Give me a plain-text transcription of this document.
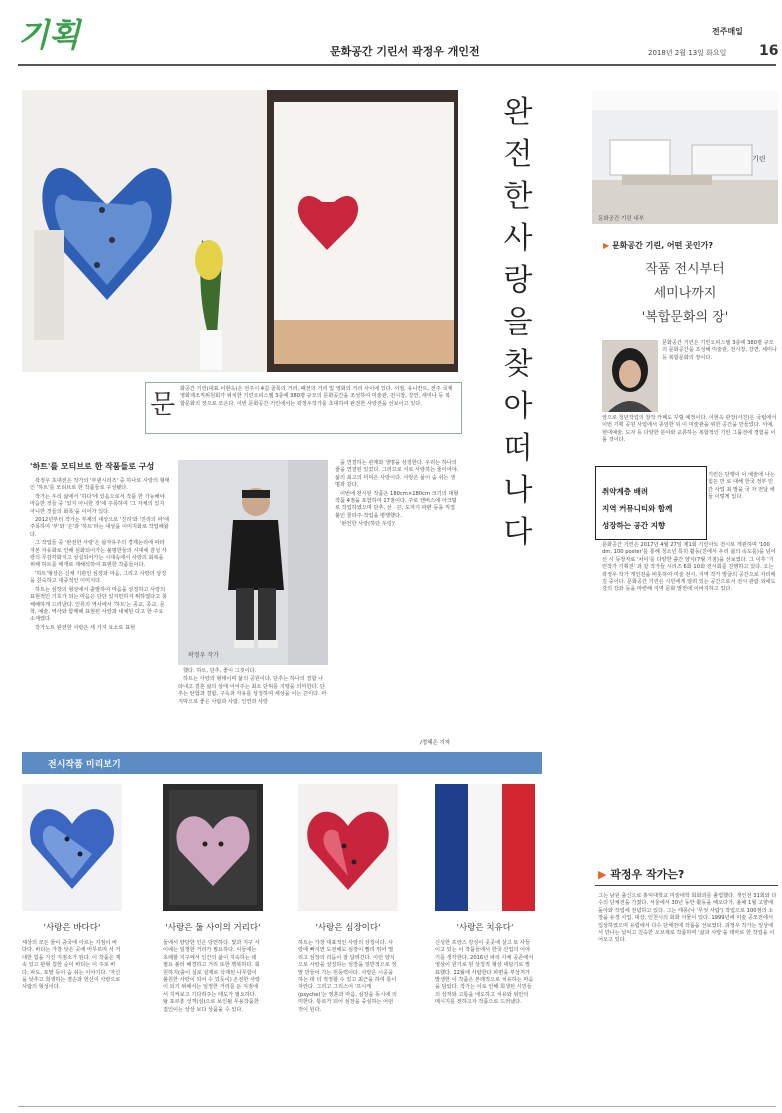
기획	문화공간 기린서 곽정우 개인전
전주매일
2018년 2월 13일 화요일 16
완전한 사랑을 찾아 떠나다
문
화공간 기린(대표 이현옥)은 전주시 4길 골목의 거리, 패션의 거리 및 영화의 거리 사이에 있다. 서점, 유니칸트, 전주 국제영화제조직위원회가 위치한 기린오피스텔 3층에 380평 규모의 문화공간을 조성하여 미술관, 전시장, 강연, 세미나 등 복합문화의 장으로 모은다. 이번 문화공간 기린에서는 곽정우작가를 초대하여 완전한 사랑전을 선보이고 있다.
'하트'를 모티브로 한 작품들로 구성

곽정우 초대전은 작가의 '부댄시리즈' 중 하나로 사랑의 형태인 '하트'를 모티브로 한 작품들로 구성됐다.

작가는 우리 삶에서 '하다'에 있음으로서 작품 한 가능해야 마음한 것들 중 '있지 아니한 것'에 주목하여 '그 자체의 있지 아니한 것들의 화폭'을 이어가 있다.

2012년부터 작가는 부재의 대상으로 '진리'와 '진리의 파'에 주목하여 '부'와 '은'과 '하트'라는 대상을 이미지화로 작업해왔다.

그 작업들 중 '완전한 사랑'은 삶자유주의 경제논리에 따라 자본 자유화로 인해 심화되어가는 불평한들의 시대에 감성 사랑의 무감각화지고 상실되어가는 시대속에서 사랑의 회복을 위해 하트를 매개로 재해석하여 표현한 작품들이다.

'하트'형상은 신체 기관인 심장과 마음, 그리고 사랑의 상징을 친숙하고 대중적인 이미지다.

하트는 심장의 형상에서 출발하여 마음을 상징하고 사랑의 표현적인 기호가 되는 마음은 단단 있지만하지 튀하였다고 침해해하게 드러낸다. 인류의 역사에서 '하트'는 종교, 종교, 문학, 예술, 역사와 함께해 표현된 사랑과 대체된 다고 한 주요 소재였다.

작가노트 완전한 사랑은 세 가지 요소로 표현

곽정우 작가

했다. 하트, 단추, 좋이 그것이다.

하트는 사랑의 형태이며 삶의 공원이다. 단추는 하나의 결합 나타내고 결혼 삶의 상태 이어주는 최소 단위를 지탱을 의미한다. 단추는 탄험과 결합, 구속과 자유를 상징하며 세상을 이는 끈이다. 마지막으로 좋은 사람과 사람, 인연과 사랑

을 연결하는 관계와 생명을 상징한다. 우리는 하나의 줄을 연결된 있었다. 그러므로 서로 사랑하는 줄이어야. 삶의 최고의 미덕은 사랑이다. 사랑은 삶이 숨 쉬는 생명과 같다.

이번에 전시된 작품은 180cm×180cm 크기의 대형작품 4점을 포함하여 17점이다. 주로 캔버스에 아크릴로 작업하였으며 단추, 선 · 끈, 도자기 파편 등을 직접 붙인 콜라주 작업을 병행했다.

'완전한 사랑(하단 우링)'

/정혜은 기자
전시작품 미리보기
'사랑은 바다다'	'사랑은 둘 사이의 거리다'	'사랑은 심장이다'	'사랑은 치유다'
세상의 모든 물이 중국에 이르는 지점이 바다다. 바다는 가장 낮은 곳에 머무르며 서 거대한 힘을 가진 지점소가 된다. 이 작품은 계속 있고 판형 집한 순이 바다는 이 주로 바다, 파도, 포말 등이 숨 쉬는 이야기다. '자신을 낮추고 희생하는 겸손과 헌신이 사랑으로 사람의 형성이다.
둘에서 양당한 인은 당연하다. 빛과 지구 사이에는 일정한 거리가 필요하다. 이들에는 초례할 지구에서 인간의 삶이 지속하는 데 필요 불러 배경하고 거리 또한 행복하다. 회원하지(출이 실로 실재로 삭재된 나무함이 불원한 사랑이 되어 수 있듯이) 온전한 사랑이 되기 위해서는 일정한 거리를 둔 지점에서 지켜보고 기다려주는 태도가 필요하다. 탈 포르흥 성격(심)으로 보인될 무용작품한 집인이는 상상 보다 상품을 수 있다.
하트는 가장 대표적인 사랑의 상징이다. 사랑에 빠지면 도전해도 심장이 빨리 뛰어 떨리고 심장의 리듬이 잘 달려간다. 이런 양식으로 사랑을 상징하는 심장을 일반적으로 정말 만들어 가는 원동력이다. 사랑은 시공을 하는 데 더 적정할 수 있고 최근을 하여 통이 자란다. 그리고 그리스어 '프시케(psyche)'는 영혼과 마음, 심장을 동시에 의미한다. 통로가 되어 심장을 중심하는 어떤 것이 된다.
신성한 프랑스 감성이 곳곳에 살고 또 사들이고 있는 이 작품들에서 한국 산업의 이야기를 생각한다. 2016년 파리 사체 공존에서 영상이 원기로 된 상징적 형상 대담기로 발표했다. 12월에 사람한다 파편을 부상처가 발생한 이 작품은 본래적으로 치유하는 마음을 담았다. 작가는 이로 인해 희생된 시민들의 상처와 고통을 애도하고 치유와 위안의 메시지를 전하고자 작품으로 드러냈다.
기린
문화공간 기린 내부
▶ 문화공간 기린, 어떤 곳인가?
작품 전시부터
세미나까지
'복합문화의 장'
문화공간 기린은 기린오피스텔 3층에 380평 규모의 문화공간을 조성해 미술관, 전시장, 강연, 세미나 등 복합문화의 장이다.
앞으로 청년작업의 창작 카페도 꾸릴 예정이다. 이현옥 관장(사진)은 국립에서 이번 기획 공원 사업에서 종임한 뒤 이 미술관을 위한 공간을 만들었다. 서예, 현대예술, 도자 등 다양한 분야와 교류하는 복합적인 기린 그룹전에 경험을 이룰 것이다.
취약계층 배려
지역 커뮤니티와 함께
성장하는 공간 지향
기린은 단행이 이 예술에 나는 힘든 만 로 대해 한국 정부 민 간 사업 최 발을 국 자 전달 에 둘 이렇게 있다.
문화공간 기린은 2017년 4월 27일 제1회 기린아트 전시로 개관하며 '100 dm, 100 poster'를 통해 청소년 특히 활동(진에서 우리 삶의 속도를)을 넘어선 시 등장자료 '차이'를 다양한 출간 양식(7월 기점)을 선보였다. 그 이후 '기린작가 기획전' 과 같 작가들 시리즈 6회 10회 전시회를 진행하고 있다. 오는 곽정우 작가 개인전을 비롯하여 미술 전시, 지역 작가 발굴의 공간으로 자리매김 중이다. 문화공간 기린은 시민에게 열려 있는 공간으로서 전시 관람 외에도 강의 강좌 등을 마련해 지역 문화 발전에 이바지하고 있다.
▶ 곽정우 작가는?
그는 남원 출신으로 홍익대학교 미술대학 회화과를 졸업했다. 개인전 31회와 다수의 단체전을 가졌다. 서울에서 30년 동안 활동을 해오다가, 올해 1월 고향에 돌아와 작업에 전념하고 있다. 그는 태몽(나 '무엇 사람') 작업으로 100점의 소장을 유경 사업, 대상, 인천시의 회화 사물이 있다. 1999년에 미술 공모전에서 입상하였으며 유럽에서 다수 단체전에 작품을 선보였다. 과정우 작가는 일상에서 만나는 낯익고 친숙한 오브제로 작품하며 '삶과 사랑'을 테마로 한 작업을 이어오고 있다.
